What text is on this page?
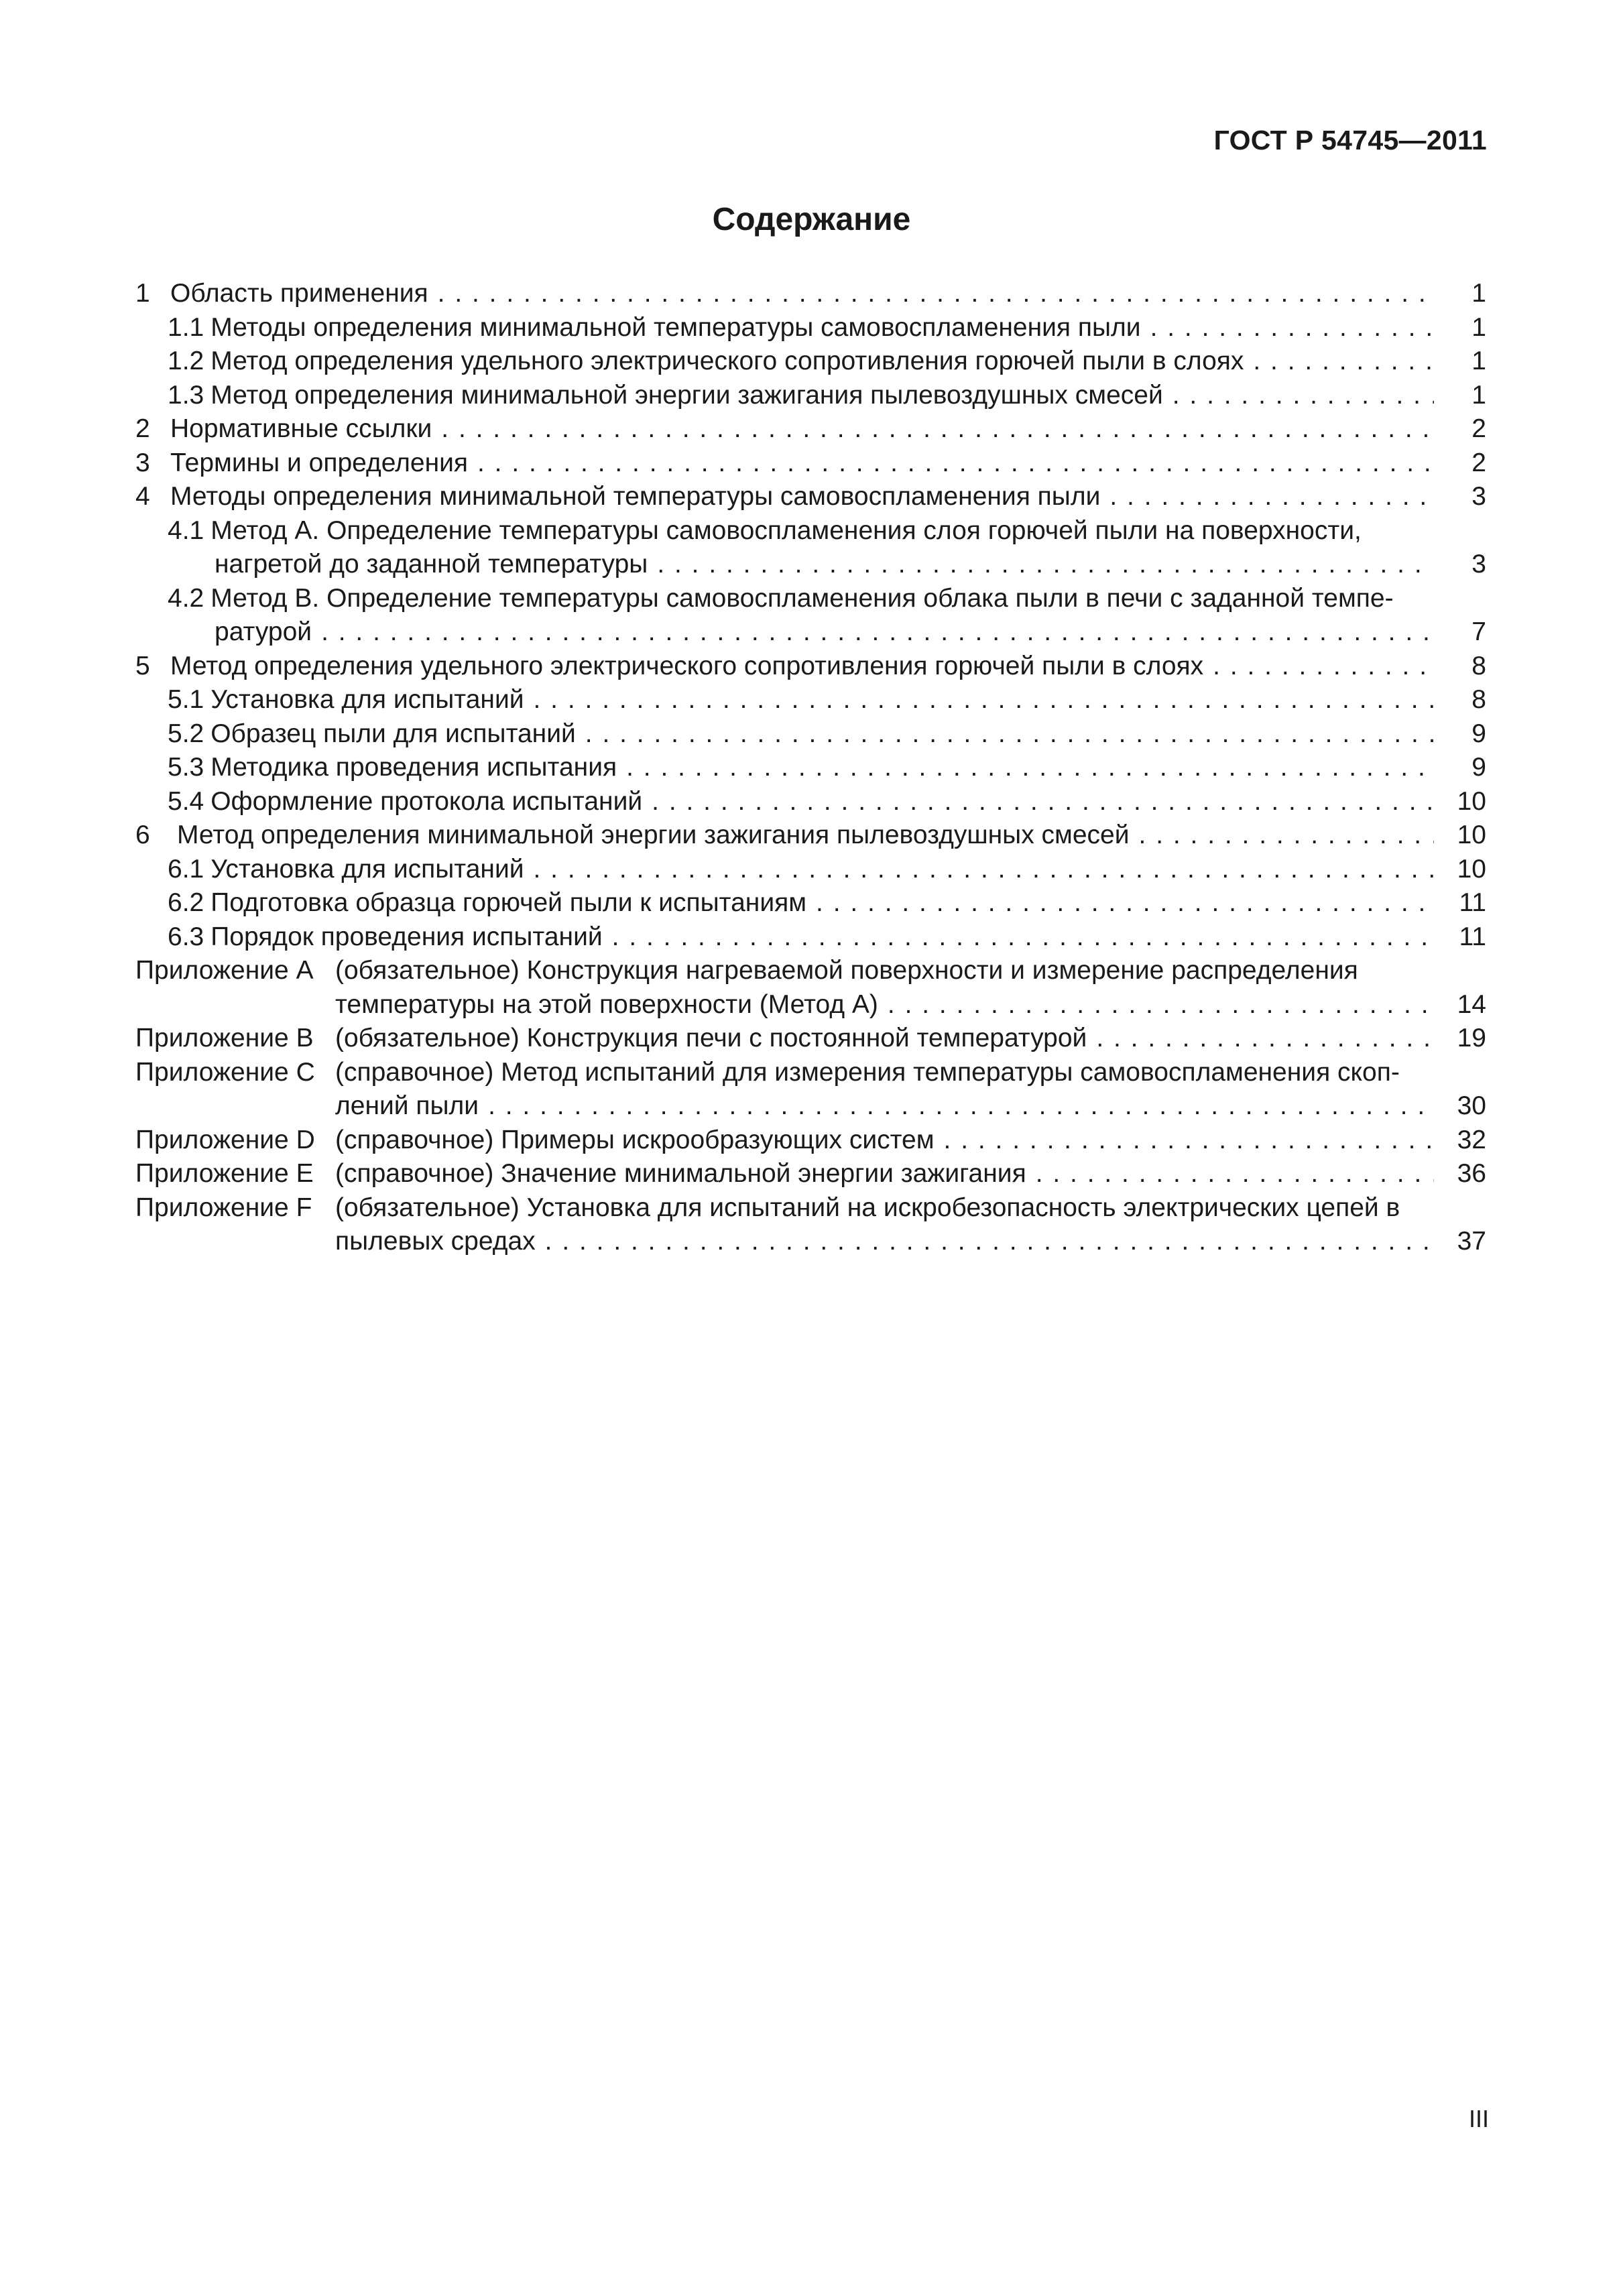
ГОСТ Р 54745—2011
Содержание
1 Область применения . .	1
1.1 Методы определения минимальной температуры самовоспламенения пыли . .	1
1.2 Метод определения удельного электрического сопротивления горючей пыли в слоях . .	1
1.3 Метод определения минимальной энергии зажигания пылевоздушных смесей . .	1
2 Нормативные ссылки . .	2
3 Термины и определения . .	2
4 Методы определения минимальной температуры самовоспламенения пыли . .	3
4.1 Метод А. Определение температуры самовоспламенения слоя горючей пыли на поверхности,
нагретой до заданной температуры . .	3
4.2 Метод В. Определение температуры самовоспламенения облака пыли в печи с заданной темпе-
ратурой . .	7
5 Метод определения удельного электрического сопротивления горючей пыли в слоях . .	8
5.1 Установка для испытаний . .	8
5.2 Образец пыли для испытаний . .	9
5.3 Методика проведения испытания . .	9
5.4 Оформление протокола испытаний . .	10
6	Метод определения минимальной энергии зажигания пылевоздушных смесей . .	10
6.1 Установка для испытаний . .	10
6.2 Подготовка образца горючей пыли к испытаниям . .	11
6.3 Порядок проведения испытаний . .	11
Приложение А (обязательное) Конструкция нагреваемой поверхности и измерение распределения
температуры на этой поверхности (Метод А) . .	14
Приложение В (обязательное) Конструкция печи с постоянной температурой . .	19
Приложение С (справочное) Метод испытаний для измерения температуры самовоспламенения скоп-
лений пыли . .	30
Приложение D (справочное) Примеры искрообразующих систем . .	32
Приложение Е (справочное) Значение минимальной энергии зажигания . .	36
Приложение F (обязательное) Установка для испытаний на искробезопасность электрических цепей в
пылевых средах . .	37
III
